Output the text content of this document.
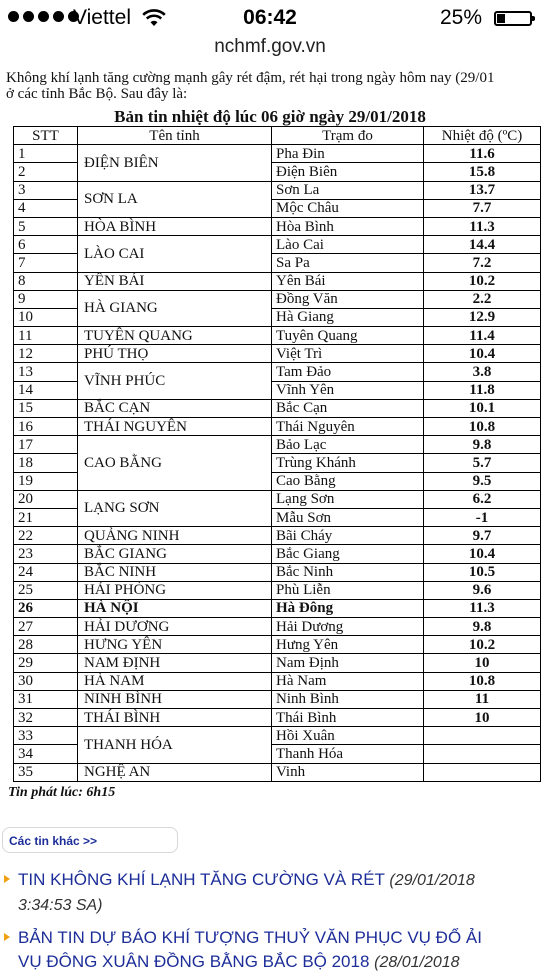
Viettel	06:42	25%
nchmf.gov.vn
Không khí lạnh tăng cường mạnh gây rét đậm, rét hại trong ngày hôm nay (29/01
ở các tỉnh Bắc Bộ. Sau đây là:
Bản tin nhiệt độ lúc 06 giờ ngày 29/01/2018
STT	Tên tỉnh	Trạm đo	Nhiệt độ (ºC)
1	ĐIỆN BIÊN	Pha Đin	11.6
2		Điện Biên	15.8
3	SƠN LA	Sơn La	13.7
4		Mộc Châu	7.7
5	HÒA BÌNH	Hòa Bình	11.3
6	LÀO CAI	Lào Cai	14.4
7		Sa Pa	7.2
8	YÊN BÁI	Yên Bái	10.2
9	HÀ GIANG	Đồng Văn	2.2
10		Hà Giang	12.9
11	TUYÊN QUANG	Tuyên Quang	11.4
12	PHÚ THỌ	Việt Trì	10.4
13	VĨNH PHÚC	Tam Đảo	3.8
14		Vĩnh Yên	11.8
15	BẮC CẠN	Bắc Cạn	10.1
16	THÁI NGUYÊN	Thái Nguyên	10.8
17	CAO BẰNG	Bảo Lạc	9.8
18		Trùng Khánh	5.7
19		Cao Bằng	9.5
20	LẠNG SƠN	Lạng Sơn	6.2
21		Mẫu Sơn	-1
22	QUẢNG NINH	Bãi Cháy	9.7
23	BẮC GIANG	Bắc Giang	10.4
24	BẮC NINH	Bắc Ninh	10.5
25	HẢI PHÒNG	Phù Liễn	9.6
26	HÀ NỘI	Hà Đông	11.3
27	HẢI DƯƠNG	Hải Dương	9.8
28	HƯNG YÊN	Hưng Yên	10.2
29	NAM ĐỊNH	Nam Định	10
30	HÀ NAM	Hà Nam	10.8
31	NINH BÌNH	Ninh Bình	11
32	THÁI BÌNH	Thái Bình	10
33	THANH HÓA	Hồi Xuân	
34		Thanh Hóa	
35	NGHỆ AN	Vinh	
Tin phát lúc: 6h15
Các tin khác >>
TIN KHÔNG KHÍ LẠNH TĂNG CƯỜNG VÀ RÉT (29/01/2018
3:34:53 SA)
BẢN TIN DỰ BÁO KHÍ TƯỢNG THUỶ VĂN PHỤC VỤ ĐỔ ẢI
VỤ ĐÔNG XUÂN ĐỒNG BẰNG BẮC BỘ 2018 (28/01/2018
